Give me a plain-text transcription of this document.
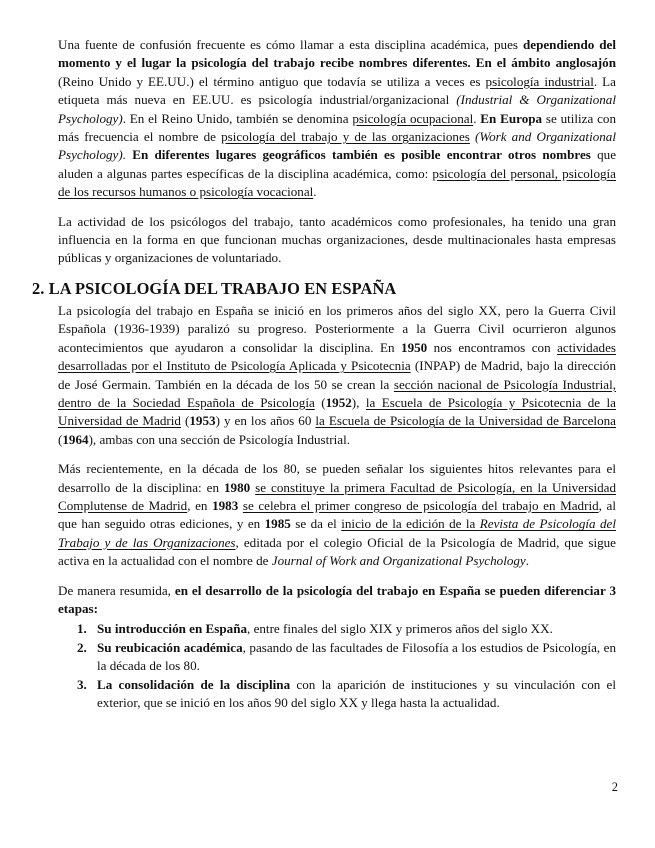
Una fuente de confusión frecuente es cómo llamar a esta disciplina académica, pues dependiendo del momento y el lugar la psicología del trabajo recibe nombres diferentes. En el ámbito anglosajón (Reino Unido y EE.UU.) el término antiguo que todavía se utiliza a veces es psicología industrial. La etiqueta más nueva en EE.UU. es psicología industrial/organizacional (Industrial & Organizational Psychology). En el Reino Unido, también se denomina psicología ocupacional. En Europa se utiliza con más frecuencia el nombre de psicología del trabajo y de las organizaciones (Work and Organizational Psychology). En diferentes lugares geográficos también es posible encontrar otros nombres que aluden a algunas partes específicas de la disciplina académica, como: psicología del personal, psicología de los recursos humanos o psicología vocacional.

La actividad de los psicólogos del trabajo, tanto académicos como profesionales, ha tenido una gran influencia en la forma en que funcionan muchas organizaciones, desde multinacionales hasta empresas públicas y organizaciones de voluntariado.

2. LA PSICOLOGÍA DEL TRABAJO EN ESPAÑA

La psicología del trabajo en España se inició en los primeros años del siglo XX, pero la Guerra Civil Española (1936-1939) paralizó su progreso. Posteriormente a la Guerra Civil ocurrieron algunos acontecimientos que ayudaron a consolidar la disciplina. En 1950 nos encontramos con actividades desarrolladas por el Instituto de Psicología Aplicada y Psicotecnia (INPAP) de Madrid, bajo la dirección de José Germain. También en la década de los 50 se crean la sección nacional de Psicología Industrial, dentro de la Sociedad Española de Psicología (1952), la Escuela de Psicología y Psicotecnia de la Universidad de Madrid (1953) y en los años 60 la Escuela de Psicología de la Universidad de Barcelona (1964), ambas con una sección de Psicología Industrial.

Más recientemente, en la década de los 80, se pueden señalar los siguientes hitos relevantes para el desarrollo de la disciplina: en 1980 se constituye la primera Facultad de Psicología, en la Universidad Complutense de Madrid, en 1983 se celebra el primer congreso de psicología del trabajo en Madrid, al que han seguido otras ediciones, y en 1985 se da el inicio de la edición de la Revista de Psicología del Trabajo y de las Organizaciones, editada por el colegio Oficial de la Psicología de Madrid, que sigue activa en la actualidad con el nombre de Journal of Work and Organizational Psychology.

De manera resumida, en el desarrollo de la psicología del trabajo en España se pueden diferenciar 3 etapas:

1. Su introducción en España, entre finales del siglo XIX y primeros años del siglo XX.
2. Su reubicación académica, pasando de las facultades de Filosofía a los estudios de Psicología, en la década de los 80.
3. La consolidación de la disciplina con la aparición de instituciones y su vinculación con el exterior, que se inició en los años 90 del siglo XX y llega hasta la actualidad.
2
